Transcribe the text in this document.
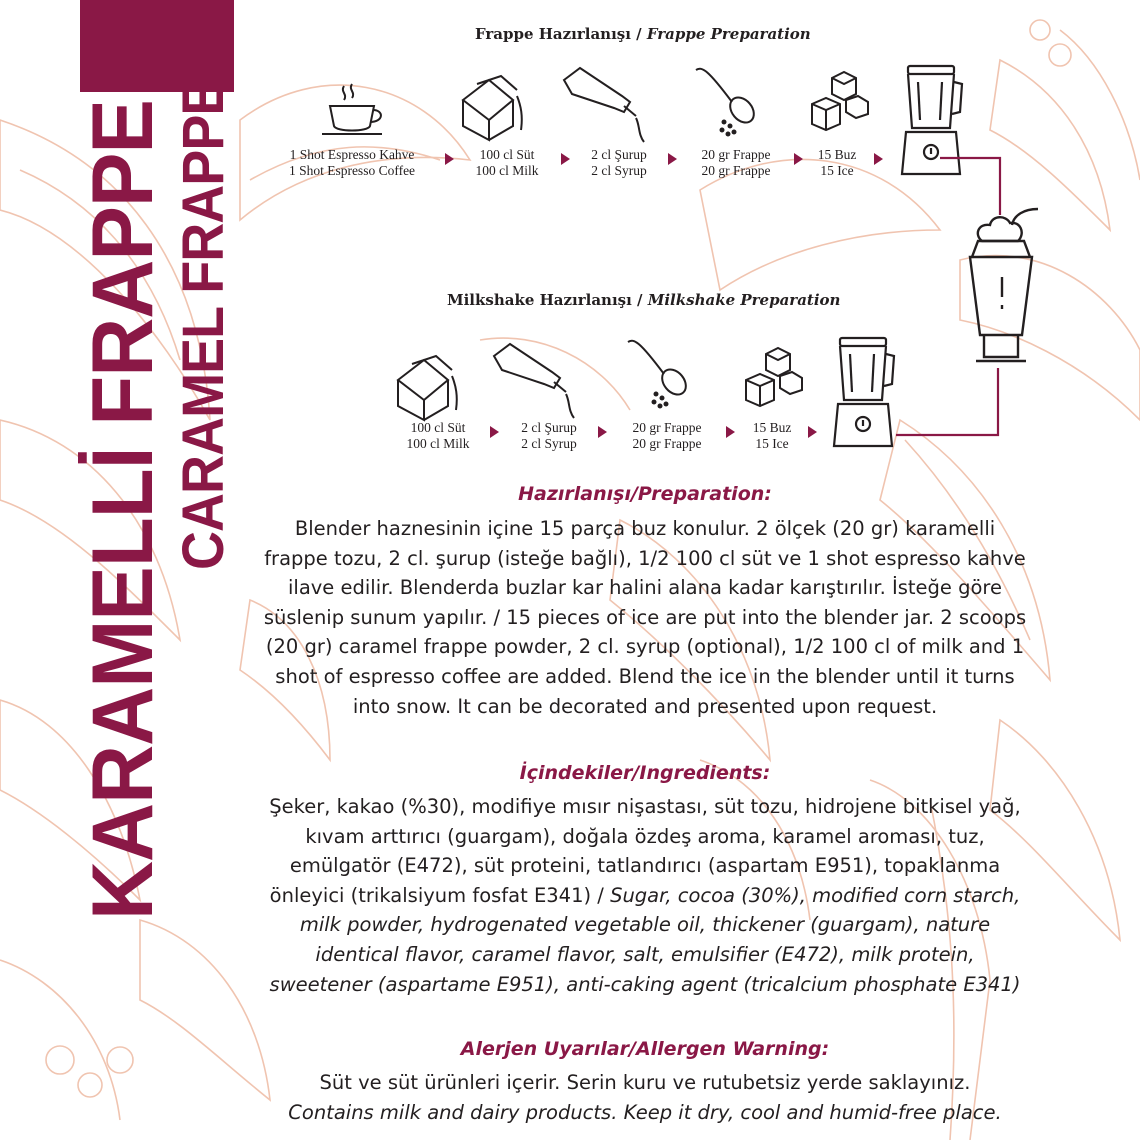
KARAMELLİ FRAPPE CARAMEL FRAPPE
Frappe Hazırlanışı / Frappe Preparation
1 Shot Espresso Kahve
1 Shot Espresso Coffee
100 cl Süt
100 cl Milk
2 cl Şurup
2 cl Syrup
20 gr Frappe
20 gr Frappe
15 Buz
15 Ice
Milkshake Hazırlanışı / Milkshake Preparation
100 cl Süt
100 cl Milk
2 cl Şurup
2 cl Syrup
20 gr Frappe
20 gr Frappe
15 Buz
15 Ice
Hazırlanışı/Preparation:
Blender haznesinin içine 15 parça buz konulur. 2 ölçek (20 gr) karamelli frappe tozu, 2 cl. şurup (isteğe bağlı), 1/2 100 cl süt ve 1 shot espresso kahve ilave edilir. Blenderda buzlar kar halini alana kadar karıştırılır. İsteğe göre süslenip sunum yapılır. / 15 pieces of ice are put into the blender jar. 2 scoops (20 gr) caramel frappe powder, 2 cl. syrup (optional), 1/2 100 cl of milk and 1 shot of espresso coffee are added. Blend the ice in the blender until it turns into snow. It can be decorated and presented upon request.
İçindekiler/Ingredients:
Şeker, kakao (%30), modifiye mısır nişastası, süt tozu, hidrojene bitkisel yağ, kıvam arttırıcı (guargam), doğala özdeş aroma, karamel aroması, tuz, emülgatör (E472), süt proteini, tatlandırıcı (aspartam E951), topaklanma önleyici (trikalsiyum fosfat E341) / Sugar, cocoa (30%), modified corn starch, milk powder, hydrogenated vegetable oil, thickener (guargam), nature identical flavor, caramel flavor, salt, emulsifier (E472), milk protein, sweetener (aspartame E951), anti-caking agent (tricalcium phosphate E341)
Alerjen Uyarılar/Allergen Warning:
Süt ve süt ürünleri içerir. Serin kuru ve rutubetsiz yerde saklayınız.
Contains milk and dairy products. Keep it dry, cool and humid-free place.
